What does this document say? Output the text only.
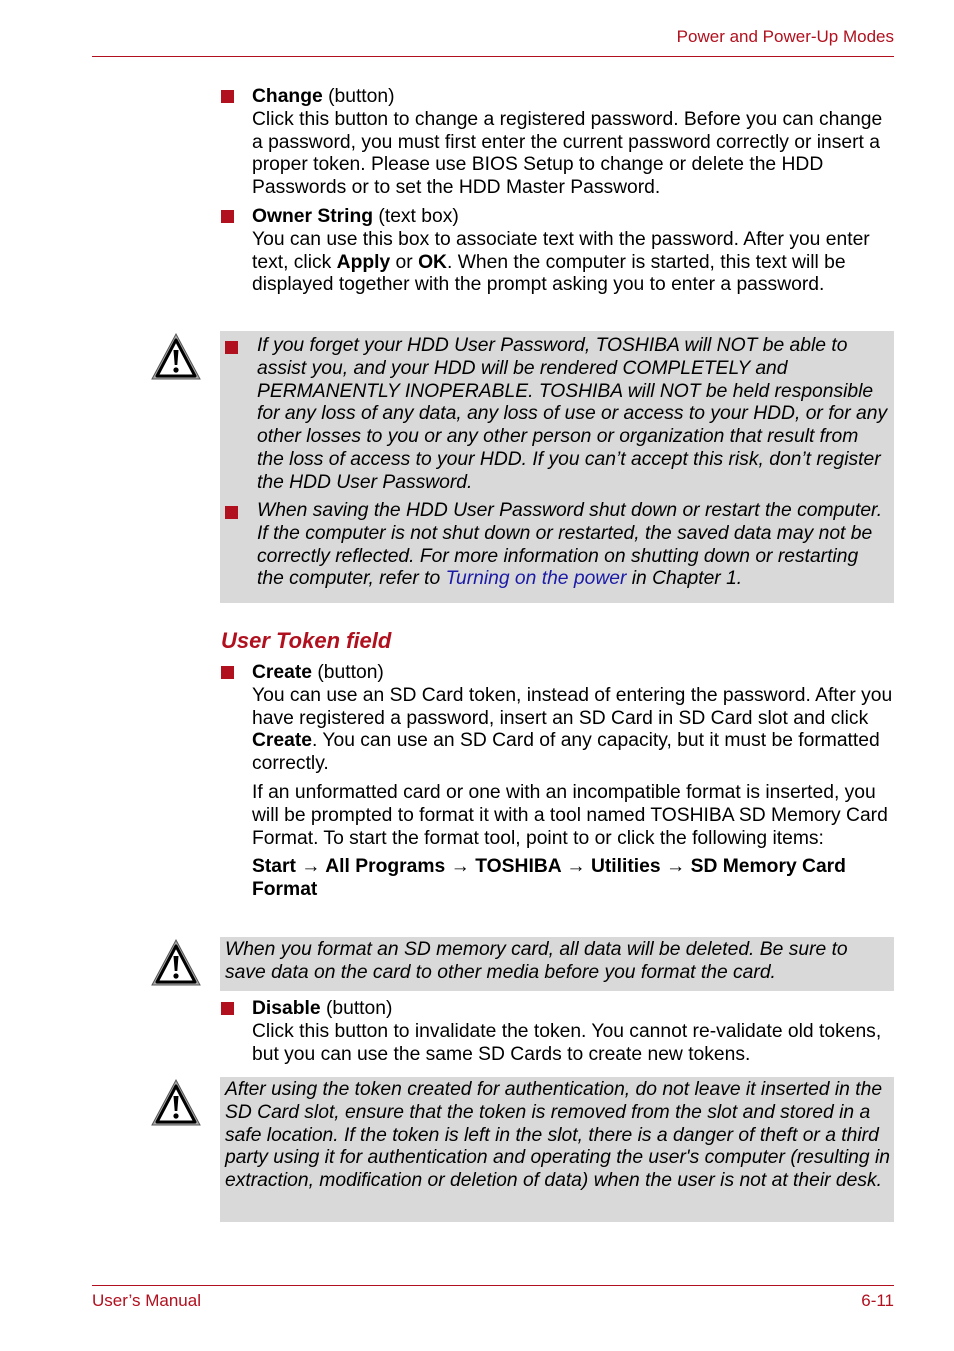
Power and Power-Up Modes

Change (button)
Click this button to change a registered password. Before you can change a password, you must first enter the current password correctly or insert a proper token. Please use BIOS Setup to change or delete the HDD Passwords or to set the HDD Master Password.

Owner String (text box)
You can use this box to associate text with the password. After you enter text, click Apply or OK. When the computer is started, this text will be displayed together with the prompt asking you to enter a password.

If you forget your HDD User Password, TOSHIBA will NOT be able to assist you, and your HDD will be rendered COMPLETELY and PERMANENTLY INOPERABLE. TOSHIBA will NOT be held responsible for any loss of any data, any loss of use or access to your HDD, or for any other losses to you or any other person or organization that result from the loss of access to your HDD. If you can’t accept this risk, don’t register the HDD User Password.
When saving the HDD User Password shut down or restart the computer. If the computer is not shut down or restarted, the saved data may not be correctly reflected. For more information on shutting down or restarting the computer, refer to Turning on the power in Chapter 1.
User Token field

Create (button)
You can use an SD Card token, instead of entering the password. After you have registered a password, insert an SD Card in SD Card slot and click Create. You can use an SD Card of any capacity, but it must be formatted correctly.

If an unformatted card or one with an incompatible format is inserted, you will be prompted to format it with a tool named TOSHIBA SD Memory Card Format. To start the format tool, point to or click the following items:

Start → All Programs → TOSHIBA → Utilities → SD Memory Card Format

When you format an SD memory card, all data will be deleted. Be sure to save data on the card to other media before you format the card.

Disable (button)
Click this button to invalidate the token. You cannot re-validate old tokens, but you can use the same SD Cards to create new tokens.

After using the token created for authentication, do not leave it inserted in the SD Card slot, ensure that the token is removed from the slot and stored in a safe location. If the token is left in the slot, there is a danger of theft or a third party using it for authentication and operating the user's computer (resulting in extraction, modification or deletion of data) when the user is not at their desk.
User’s Manual	6-11
